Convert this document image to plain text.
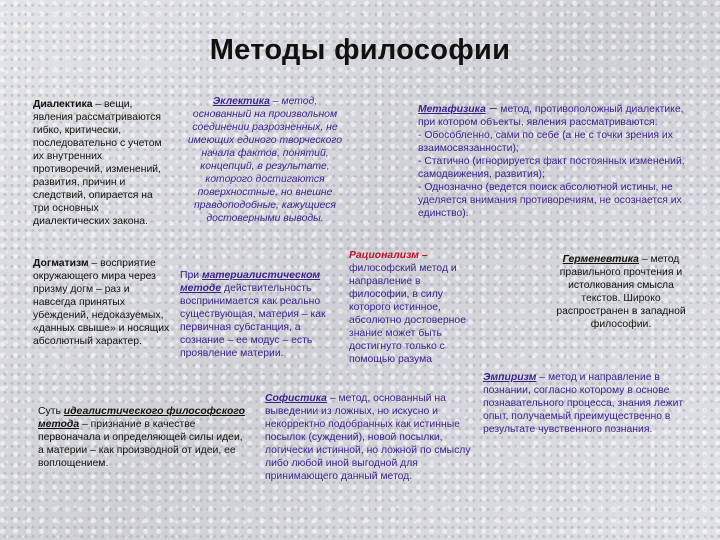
Методы философии
Диалектика – вещи, явления рассматриваются гибко, критически, последовательно с учетом их внутренних противоречий, изменений, развития, причин и следствий, опирается на три основных диалектических закона.
Догматизм – восприятие окружающего мира через призму догм – раз и навсегда принятых убеждений, недоказуемых, «данных свыше» и носящих абсолютный характер.
Эклектика – метод, основанный на произвольном соединении разрозненных, не имеющих единого творческого начала фактов, понятий, концепций, в результате, которого достигаются поверхностные, но внешне правдоподобные, кажущиеся достоверными выводы.
При материалистическом методе действительность воспринимается как реально существующая, материя – как первичная субстанция, а сознание – ее модус – есть проявление материи.
Суть идеалистического философского метода – признание в качестве первоначала и определяющей силы идеи, а материи – как производной от идеи, ее воплощением.
Метафизика – метод, противоположный диалектике, при котором объекты, явления рассматриваются:
- Обособленно, сами по себе (а не с точки зрения их взаимосвязанности);
- Статично (игнорируется факт постоянных изменений, самодвижения, развития);
- Однозначно (ведется поиск абсолютной истины, не уделяется внимания противоречиям, не осознается их единство).
Рационализм – философский метод и направление в философии, в силу которого истинное, абсолютно достоверное знание может быть достигнуто только с помощью разума
Герменевтика – метод правильного прочтения и истолкования смысла текстов. Широко распространен в западной философии.
Софистика – метод, основанный на выведении из ложных, но искусно и некорректно подобранных как истинные посылок (суждений), новой посылки, логически истинной, но ложной по смыслу либо любой иной выгодной для принимающего данный метод.
Эмпиризм – метод и направление в познании, согласно которому в основе познавательного процесса, знания лежит опыт, получаемый преимущественно в результате чувственного познания.
